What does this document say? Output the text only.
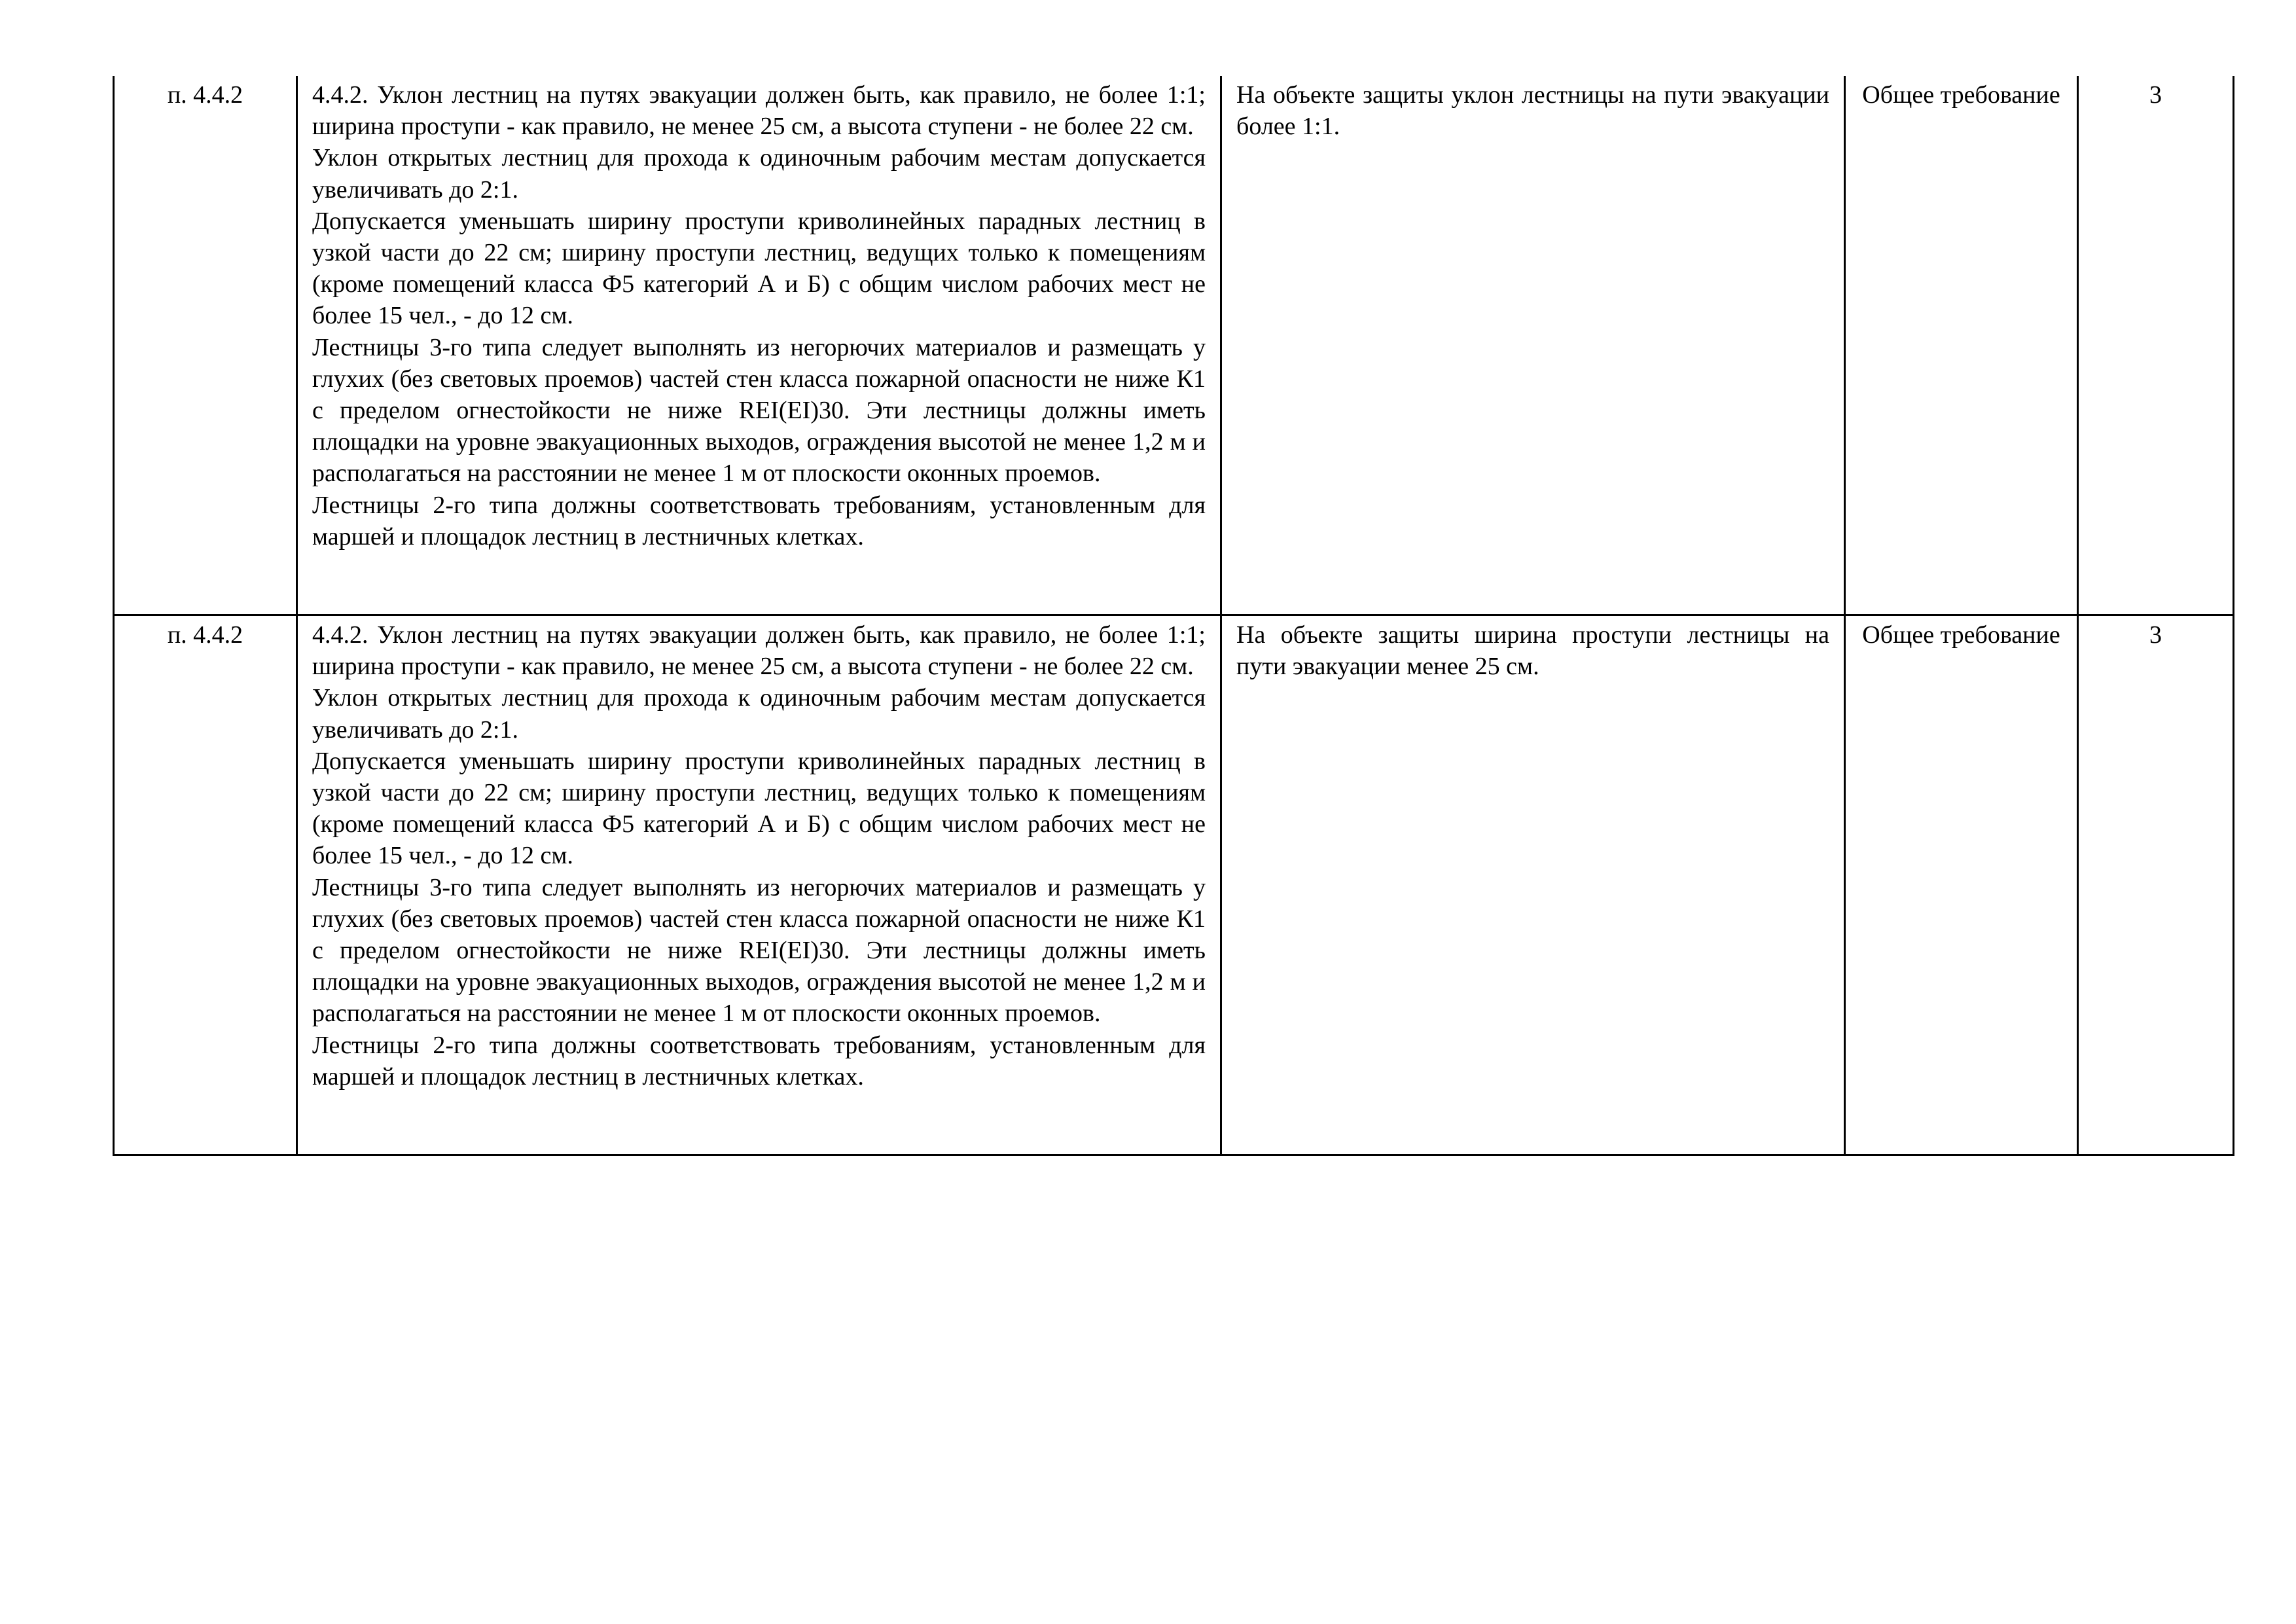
п. 4.4.2	4.4.2. Уклон лестниц на путях эвакуации должен быть, как правило, не более 1:1; ширина проступи - как правило, не менее 25 см, а высота ступени - не более 22 см.
Уклон открытых лестниц для прохода к одиночным рабочим местам допускается увеличивать до 2:1.
Допускается уменьшать ширину проступи криволинейных парадных лестниц в узкой части до 22 см; ширину проступи лестниц, ведущих только к помещениям (кроме помещений класса Ф5 категорий А и Б) с общим числом рабочих мест не более 15 чел., - до 12 см.
Лестницы 3-го типа следует выполнять из негорючих материалов и размещать у глухих (без световых проемов) частей стен класса пожарной опасности не ниже К1 с пределом огнестойкости не ниже REI(EI)30. Эти лестницы должны иметь площадки на уровне эвакуационных выходов, ограждения высотой не менее 1,2 м и располагаться на расстоянии не менее 1 м от плоскости оконных проемов.
Лестницы 2-го типа должны соответствовать требованиям, установленным для маршей и площадок лестниц в лестничных клетках.	На объекте защиты уклон лестницы на пути эвакуации более 1:1.	Общее требование	3
п. 4.4.2	4.4.2. Уклон лестниц на путях эвакуации должен быть, как правило, не более 1:1; ширина проступи - как правило, не менее 25 см, а высота ступени - не более 22 см.
Уклон открытых лестниц для прохода к одиночным рабочим местам допускается увеличивать до 2:1.
Допускается уменьшать ширину проступи криволинейных парадных лестниц в узкой части до 22 см; ширину проступи лестниц, ведущих только к помещениям (кроме помещений класса Ф5 категорий А и Б) с общим числом рабочих мест не более 15 чел., - до 12 см.
Лестницы 3-го типа следует выполнять из негорючих материалов и размещать у глухих (без световых проемов) частей стен класса пожарной опасности не ниже К1 с пределом огнестойкости не ниже REI(EI)30. Эти лестницы должны иметь площадки на уровне эвакуационных выходов, ограждения высотой не менее 1,2 м и располагаться на расстоянии не менее 1 м от плоскости оконных проемов.
Лестницы 2-го типа должны соответствовать требованиям, установленным для маршей и площадок лестниц в лестничных клетках.	На объекте защиты ширина проступи лестницы на пути эвакуации менее 25 см.	Общее требование	3
